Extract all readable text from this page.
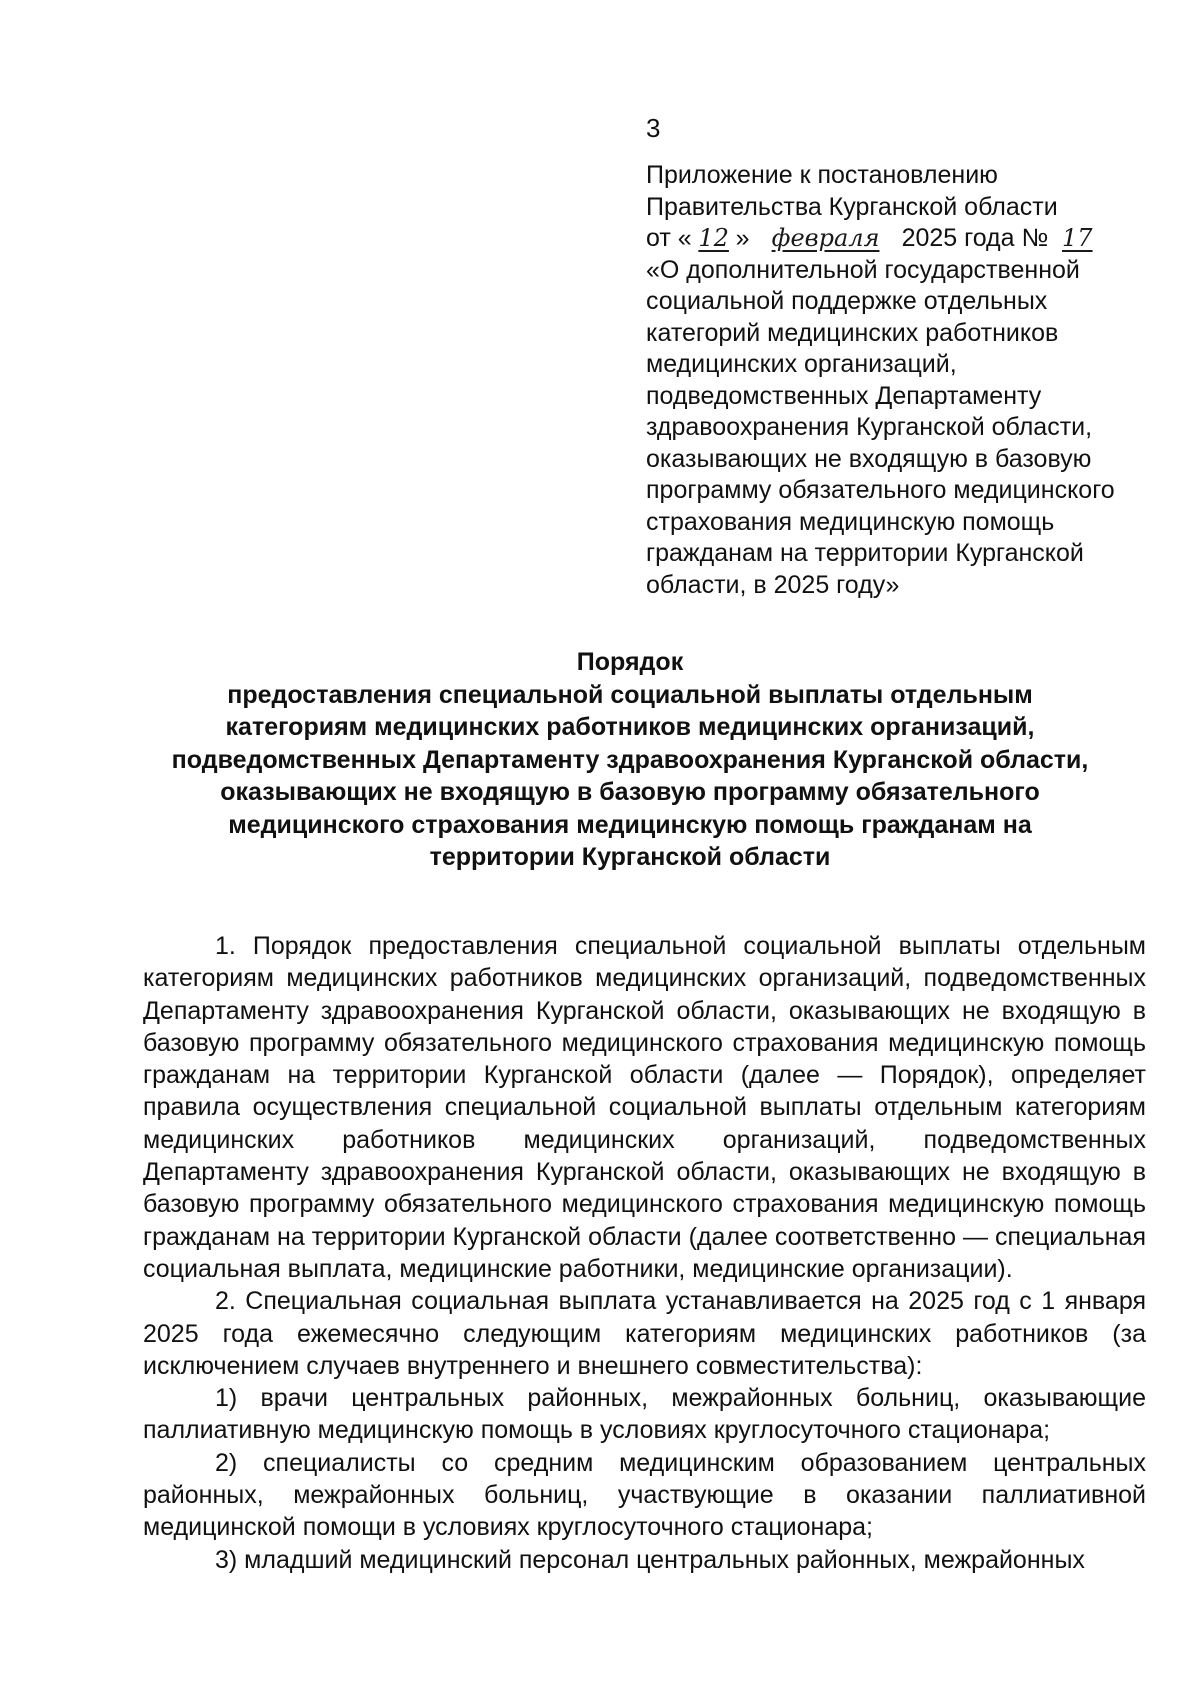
3
Приложение к постановлению
Правительства Курганской области
от « 12 » февраля 2025 года № 17
«О дополнительной государственной
социальной поддержке отдельных
категорий медицинских работников
медицинских организаций,
подведомственных Департаменту
здравоохранения Курганской области,
оказывающих не входящую в базовую
программу обязательного медицинского
страхования медицинскую помощь
гражданам на территории Курганской
области, в 2025 году»
Порядок
предоставления специальной социальной выплаты отдельным
категориям медицинских работников медицинских организаций,
подведомственных Департаменту здравоохранения Курганской области,
оказывающих не входящую в базовую программу обязательного
медицинского страхования медицинскую помощь гражданам на
территории Курганской области

1. Порядок предоставления специальной социальной выплаты отдельным категориям медицинских работников медицинских организаций, подведомственных Департаменту здравоохранения Курганской области, оказывающих не входящую в базовую программу обязательного медицинского страхования медицинскую помощь гражданам на территории Курганской области (далее — Порядок), определяет правила осуществления специальной социальной выплаты отдельным категориям медицинских работников медицинских организаций, подведомственных Департаменту здравоохранения Курганской области, оказывающих не входящую в базовую программу обязательного медицинского страхования медицинскую помощь гражданам на территории Курганской области (далее соответственно — специальная социальная выплата, медицинские работники, медицинские организации).

2. Специальная социальная выплата устанавливается на 2025 год с 1 января 2025 года ежемесячно следующим категориям медицинских работников (за исключением случаев внутреннего и внешнего совместительства):

1) врачи центральных районных, межрайонных больниц, оказывающие паллиативную медицинскую помощь в условиях круглосуточного стационара;

2) специалисты со средним медицинским образованием центральных районных, межрайонных больниц, участвующие в оказании паллиативной медицинской помощи в условиях круглосуточного стационара;

3) младший медицинский персонал центральных районных, межрайонных
